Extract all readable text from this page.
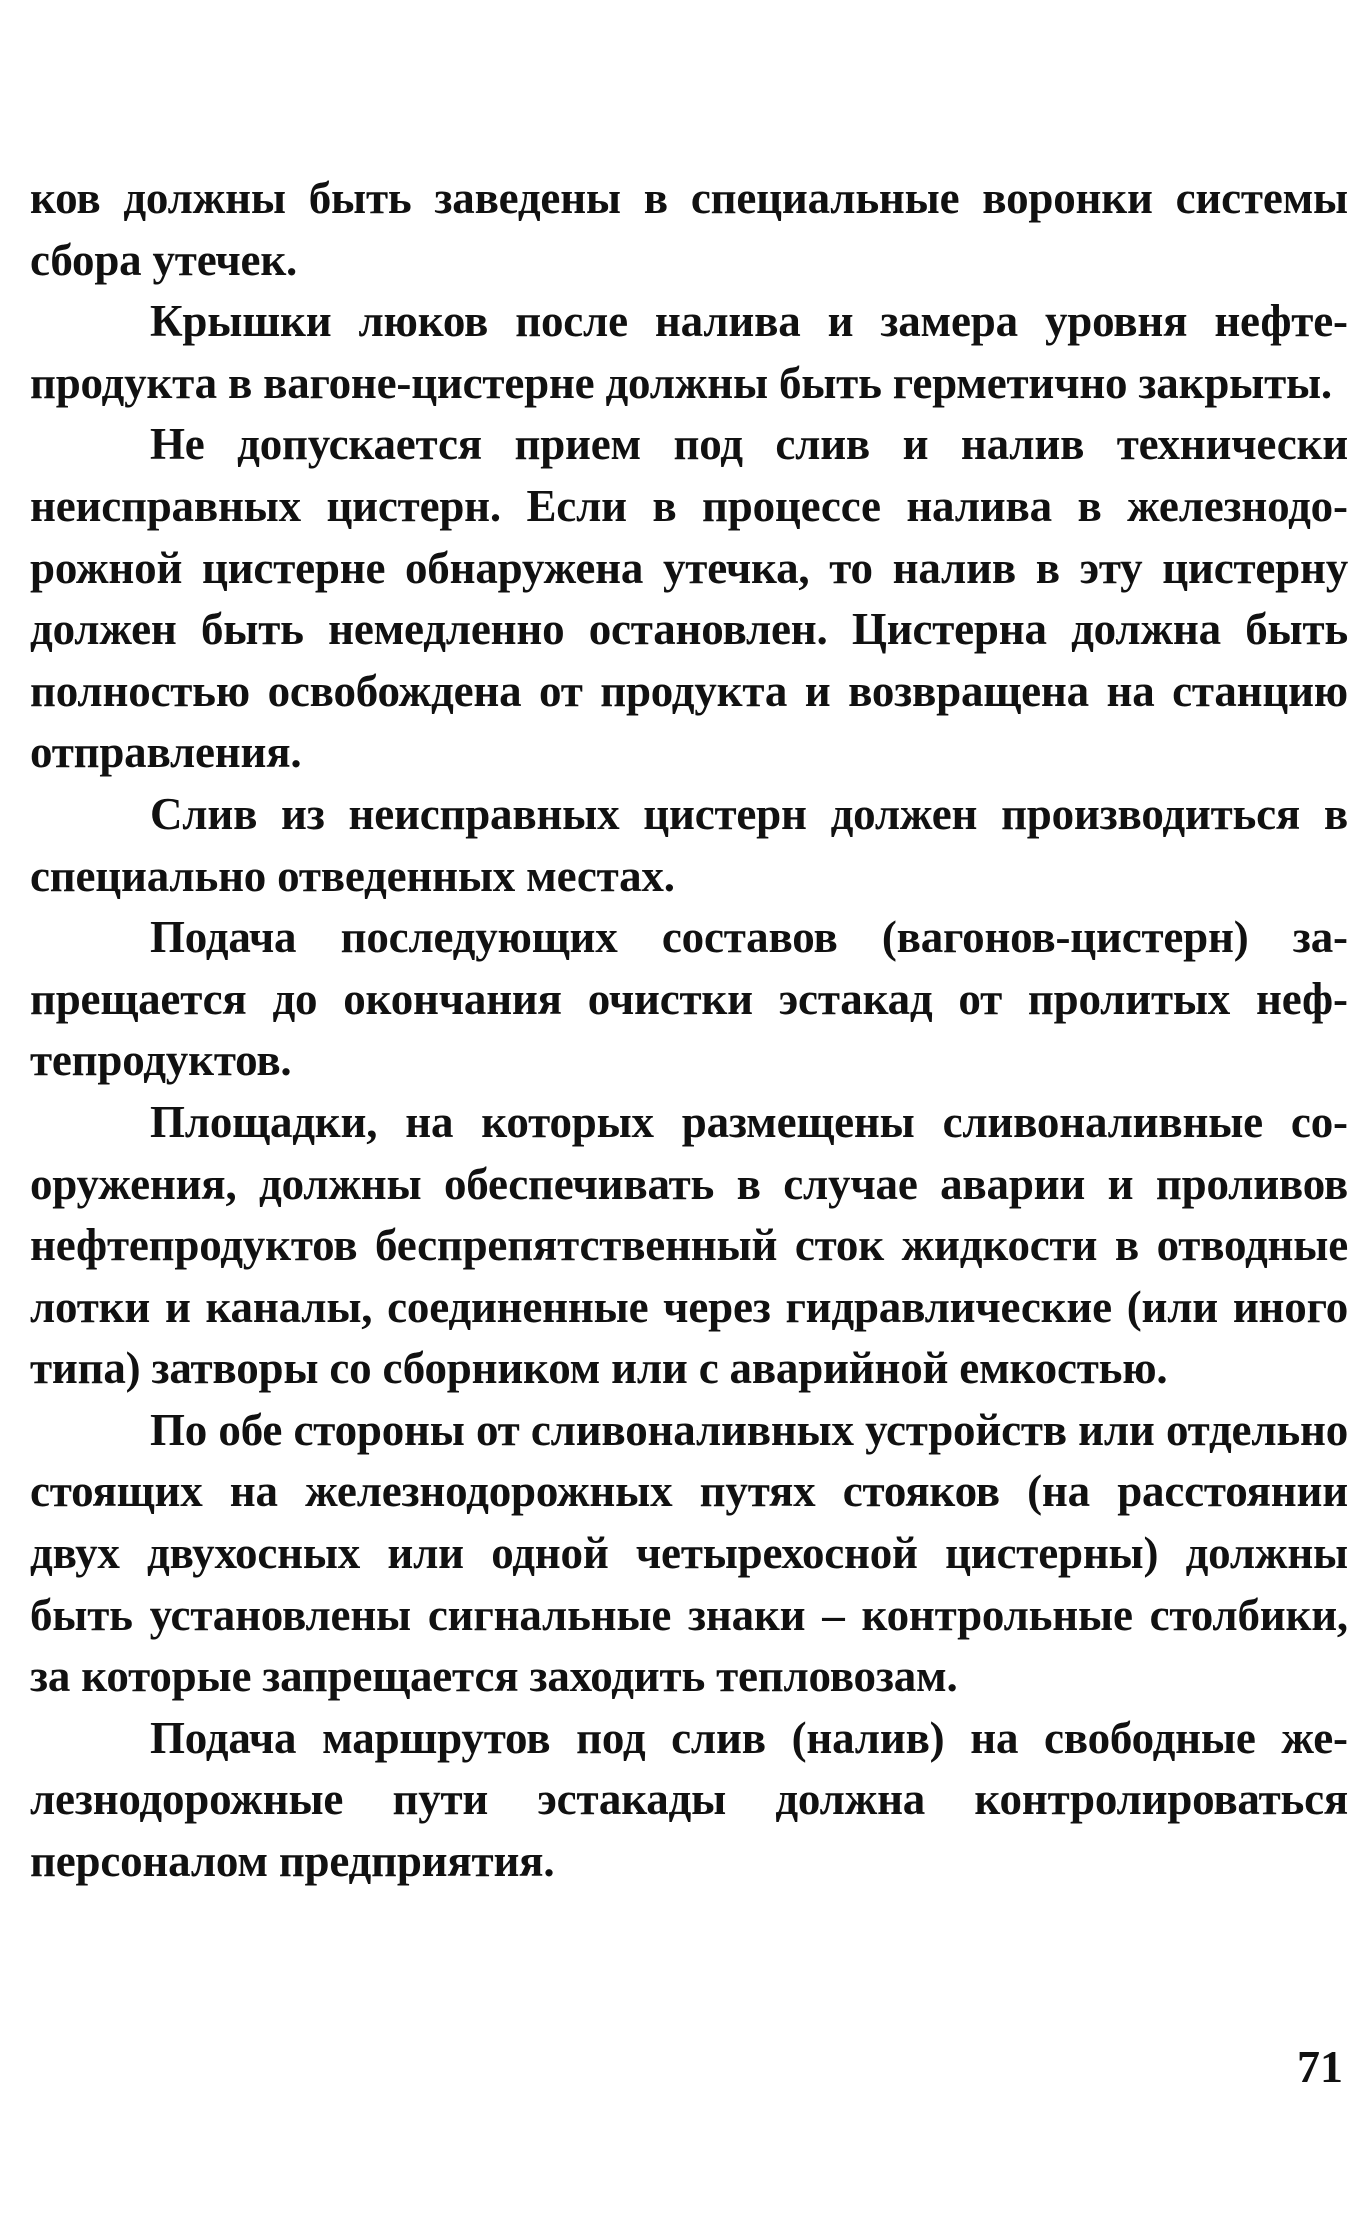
ков должны быть заведены в специальные воронки системы сбора утечек.

Крышки люков после налива и замера уровня нефтепродукта в вагоне-цистерне должны быть герметично закрыты.

Не допускается прием под слив и налив технически неисправных цистерн. Если в процессе налива в железнодорожной цистерне обнаружена утечка, то налив в эту цистерну должен быть немедленно остановлен. Цистерна должна быть полностью освобождена от продукта и возвращена на станцию отправления.

Слив из неисправных цистерн должен производиться в специально отведенных местах.

Подача последующих составов (вагонов-цистерн) запрещается до окончания очистки эстакад от пролитых нефтепродуктов.

Площадки, на которых размещены сливоналивные сооружения, должны обеспечивать в случае аварии и проливов нефтепродуктов беспрепятственный сток жидкости в отводные лотки и каналы, соединенные через гидравлические (или иного типа) затворы со сборником или с аварийной емкостью.

По обе стороны от сливоналивных устройств или отдельно стоящих на железнодорожных путях стояков (на расстоянии двух двухосных или одной четырехосной цистерны) должны быть установлены сигнальные знаки – контрольные столбики, за которые запрещается заходить тепловозам.

Подача маршрутов под слив (налив) на свободные железнодорожные пути эстакады должна контролироваться персоналом предприятия.

71
